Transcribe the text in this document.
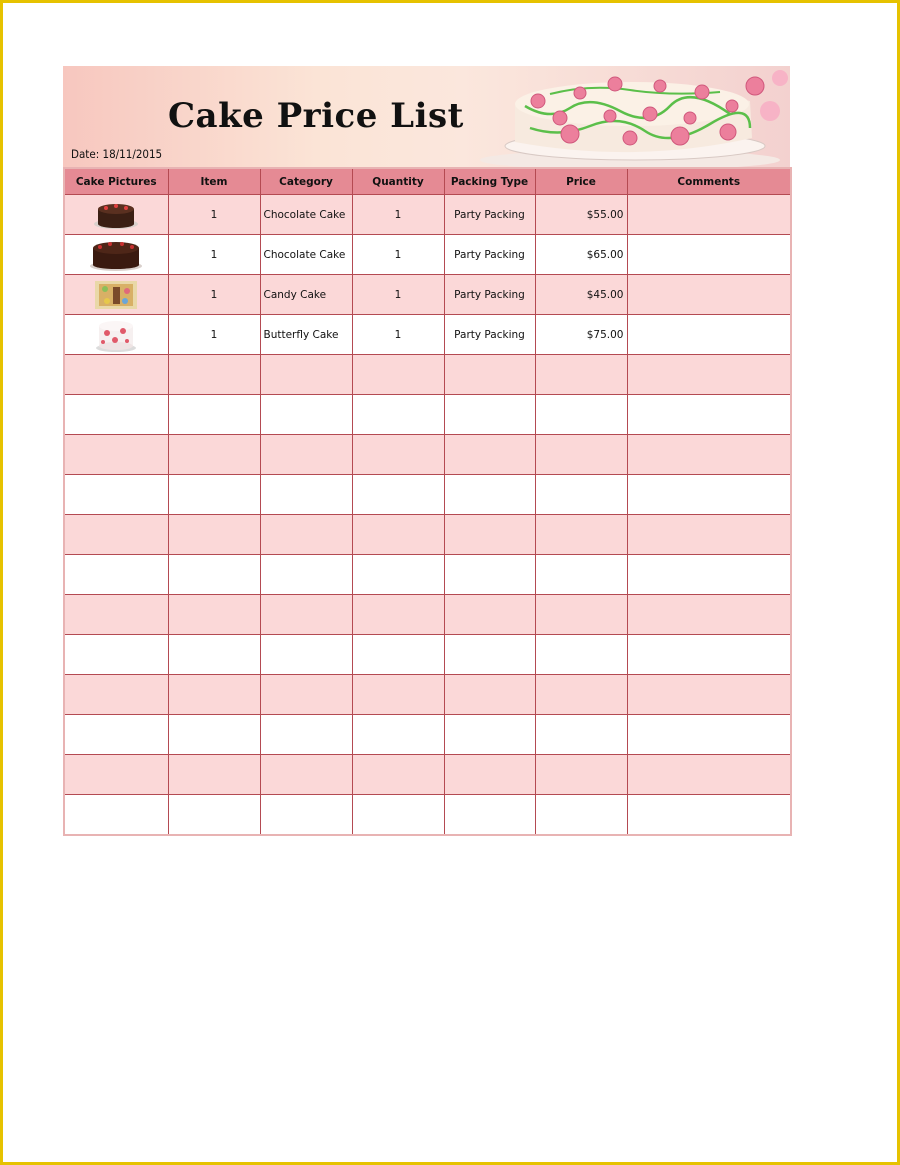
Cake Price List
Date: 18/11/2015
Cake Pictures	Item	Category	Quantity	Packing Type	Price	Comments
	1	Chocolate Cake	1	Party Packing	$55.00	
	1	Chocolate Cake	1	Party Packing	$65.00	
	1	Candy Cake	1	Party Packing	$45.00	
	1	Butterfly Cake	1	Party Packing	$75.00	
